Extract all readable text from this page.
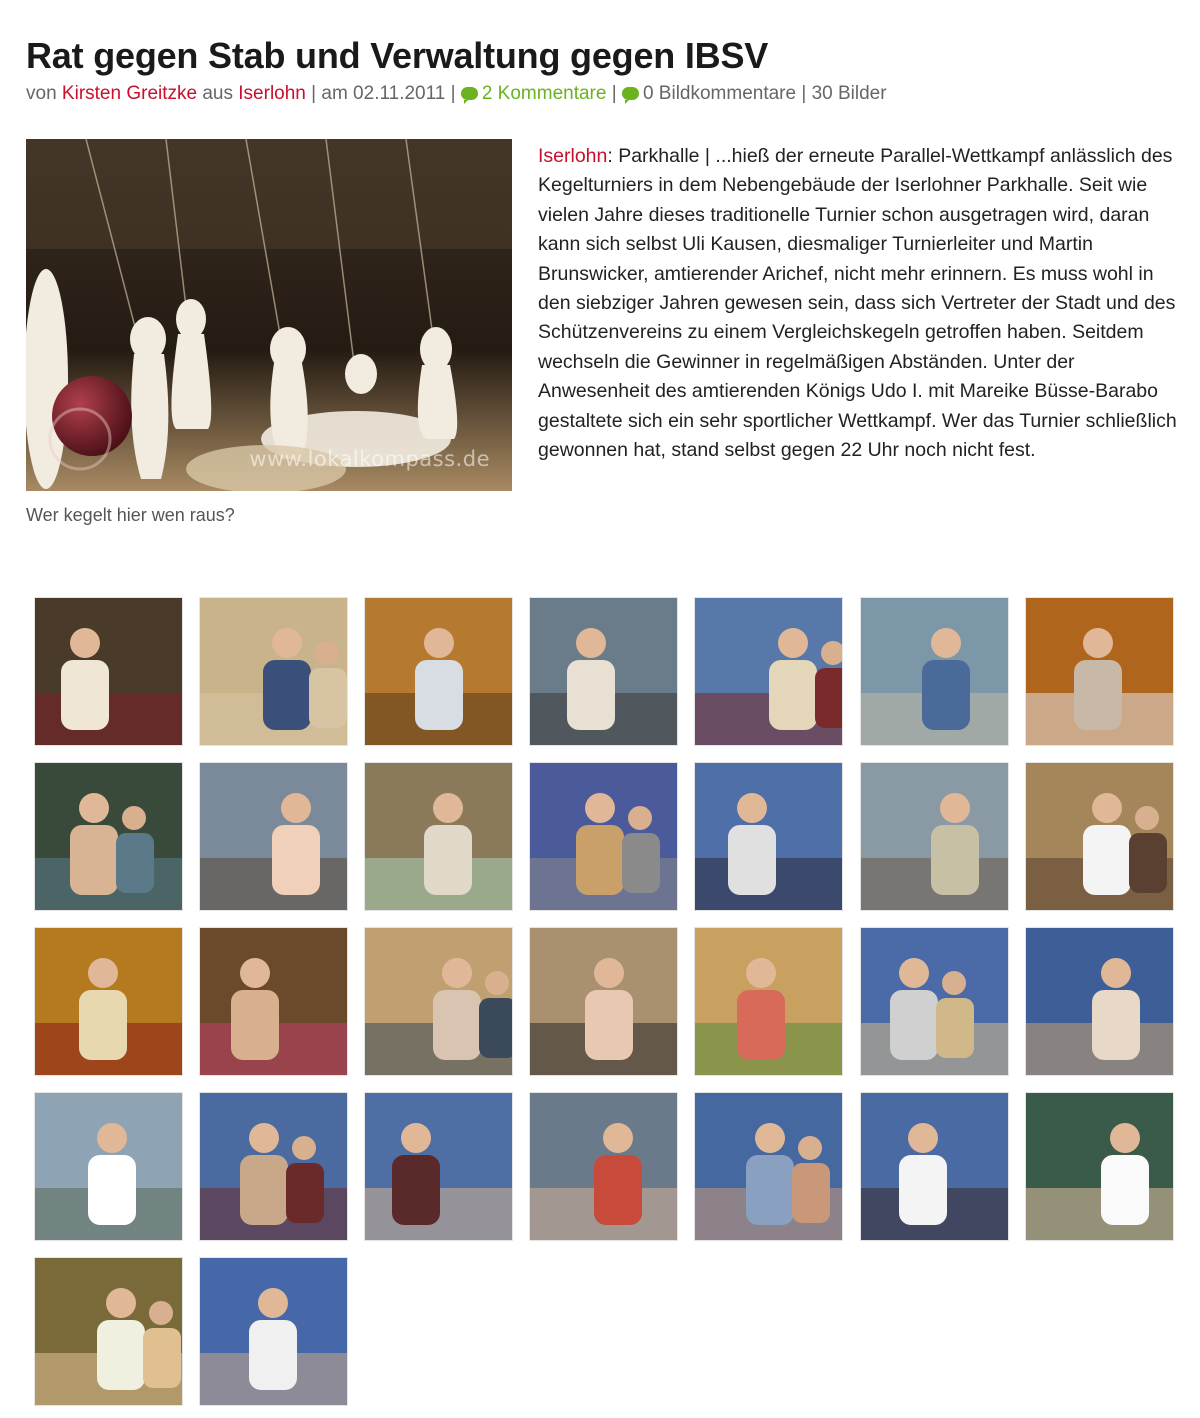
Rat gegen Stab und Verwaltung gegen IBSV
von Kirsten Greitzke aus Iserlohn | am 02.11.2011 | 2 Kommentare | 0 Bildkommentare | 30 Bilder
www.lokalkompass.de
Wer kegelt hier wen raus?

Iserlohn: Parkhalle | ...hieß der erneute Parallel-Wettkampf anlässlich des Kegelturniers in dem Nebengebäude der Iserlohner Parkhalle. Seit wie vielen Jahre dieses traditionelle Turnier schon ausgetragen wird, daran kann sich selbst Uli Kausen, diesmaliger Turnierleiter und Martin Brunswicker, amtierender Arichef, nicht mehr erinnern. Es muss wohl in den siebziger Jahren gewesen sein, dass sich Vertreter der Stadt und des Schützenvereins zu einem Vergleichskegeln getroffen haben. Seitdem wechseln die Gewinner in regelmäßigen Abständen. Unter der Anwesenheit des amtierenden Königs Udo I. mit Mareike Büsse-Barabo gestaltete sich ein sehr sportlicher Wettkampf. Wer das Turnier schließlich gewonnen hat, stand selbst gegen 22 Uhr noch nicht fest.
